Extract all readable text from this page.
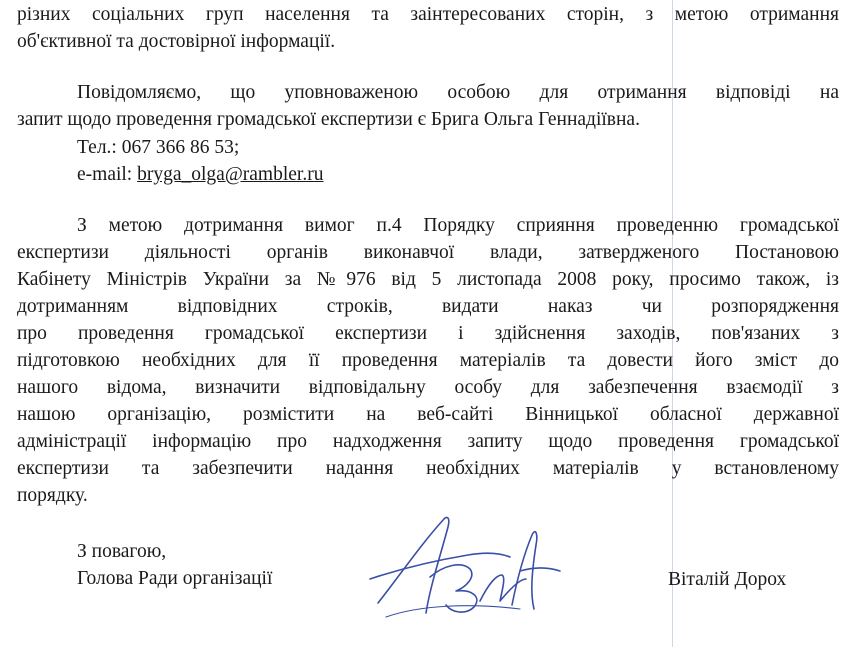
різних соціальних груп населення та заінтересованих сторін, з метою отримання

об'єктивної та достовірної інформації.

Повідомляємо, що уповноваженою особою для отримання відповіді на

запит щодо проведення громадської експертизи є Брига Ольга Геннадіївна.

Тел.: 067 366 86 53;
e-mail: bryga_olga@rambler.ru

З метою дотримання вимог п.4 Порядку сприяння проведенню громадської

експертизи діяльності органів виконавчої влади, затвердженого Постановою

Кабінету Міністрів України за №976 від 5 листопада 2008 року, просимо також, із

дотриманням відповідних строків, видати наказ чи розпорядження

про проведення громадської експертизи і здійснення заходів, пов'язаних з

підготовкою необхідних для її проведення матеріалів та довести його зміст до

нашого відома, визначити відповідальну особу для забезпечення взаємодії з

нашою організацію, розмістити на веб-сайті Вінницької обласної державної

адміністрації інформацію про надходження запиту щодо проведення громадської

експертизи та забезпечити надання необхідних матеріалів у встановленому

порядку.

З повагою,
Голова Ради організації	Віталій Дорох
